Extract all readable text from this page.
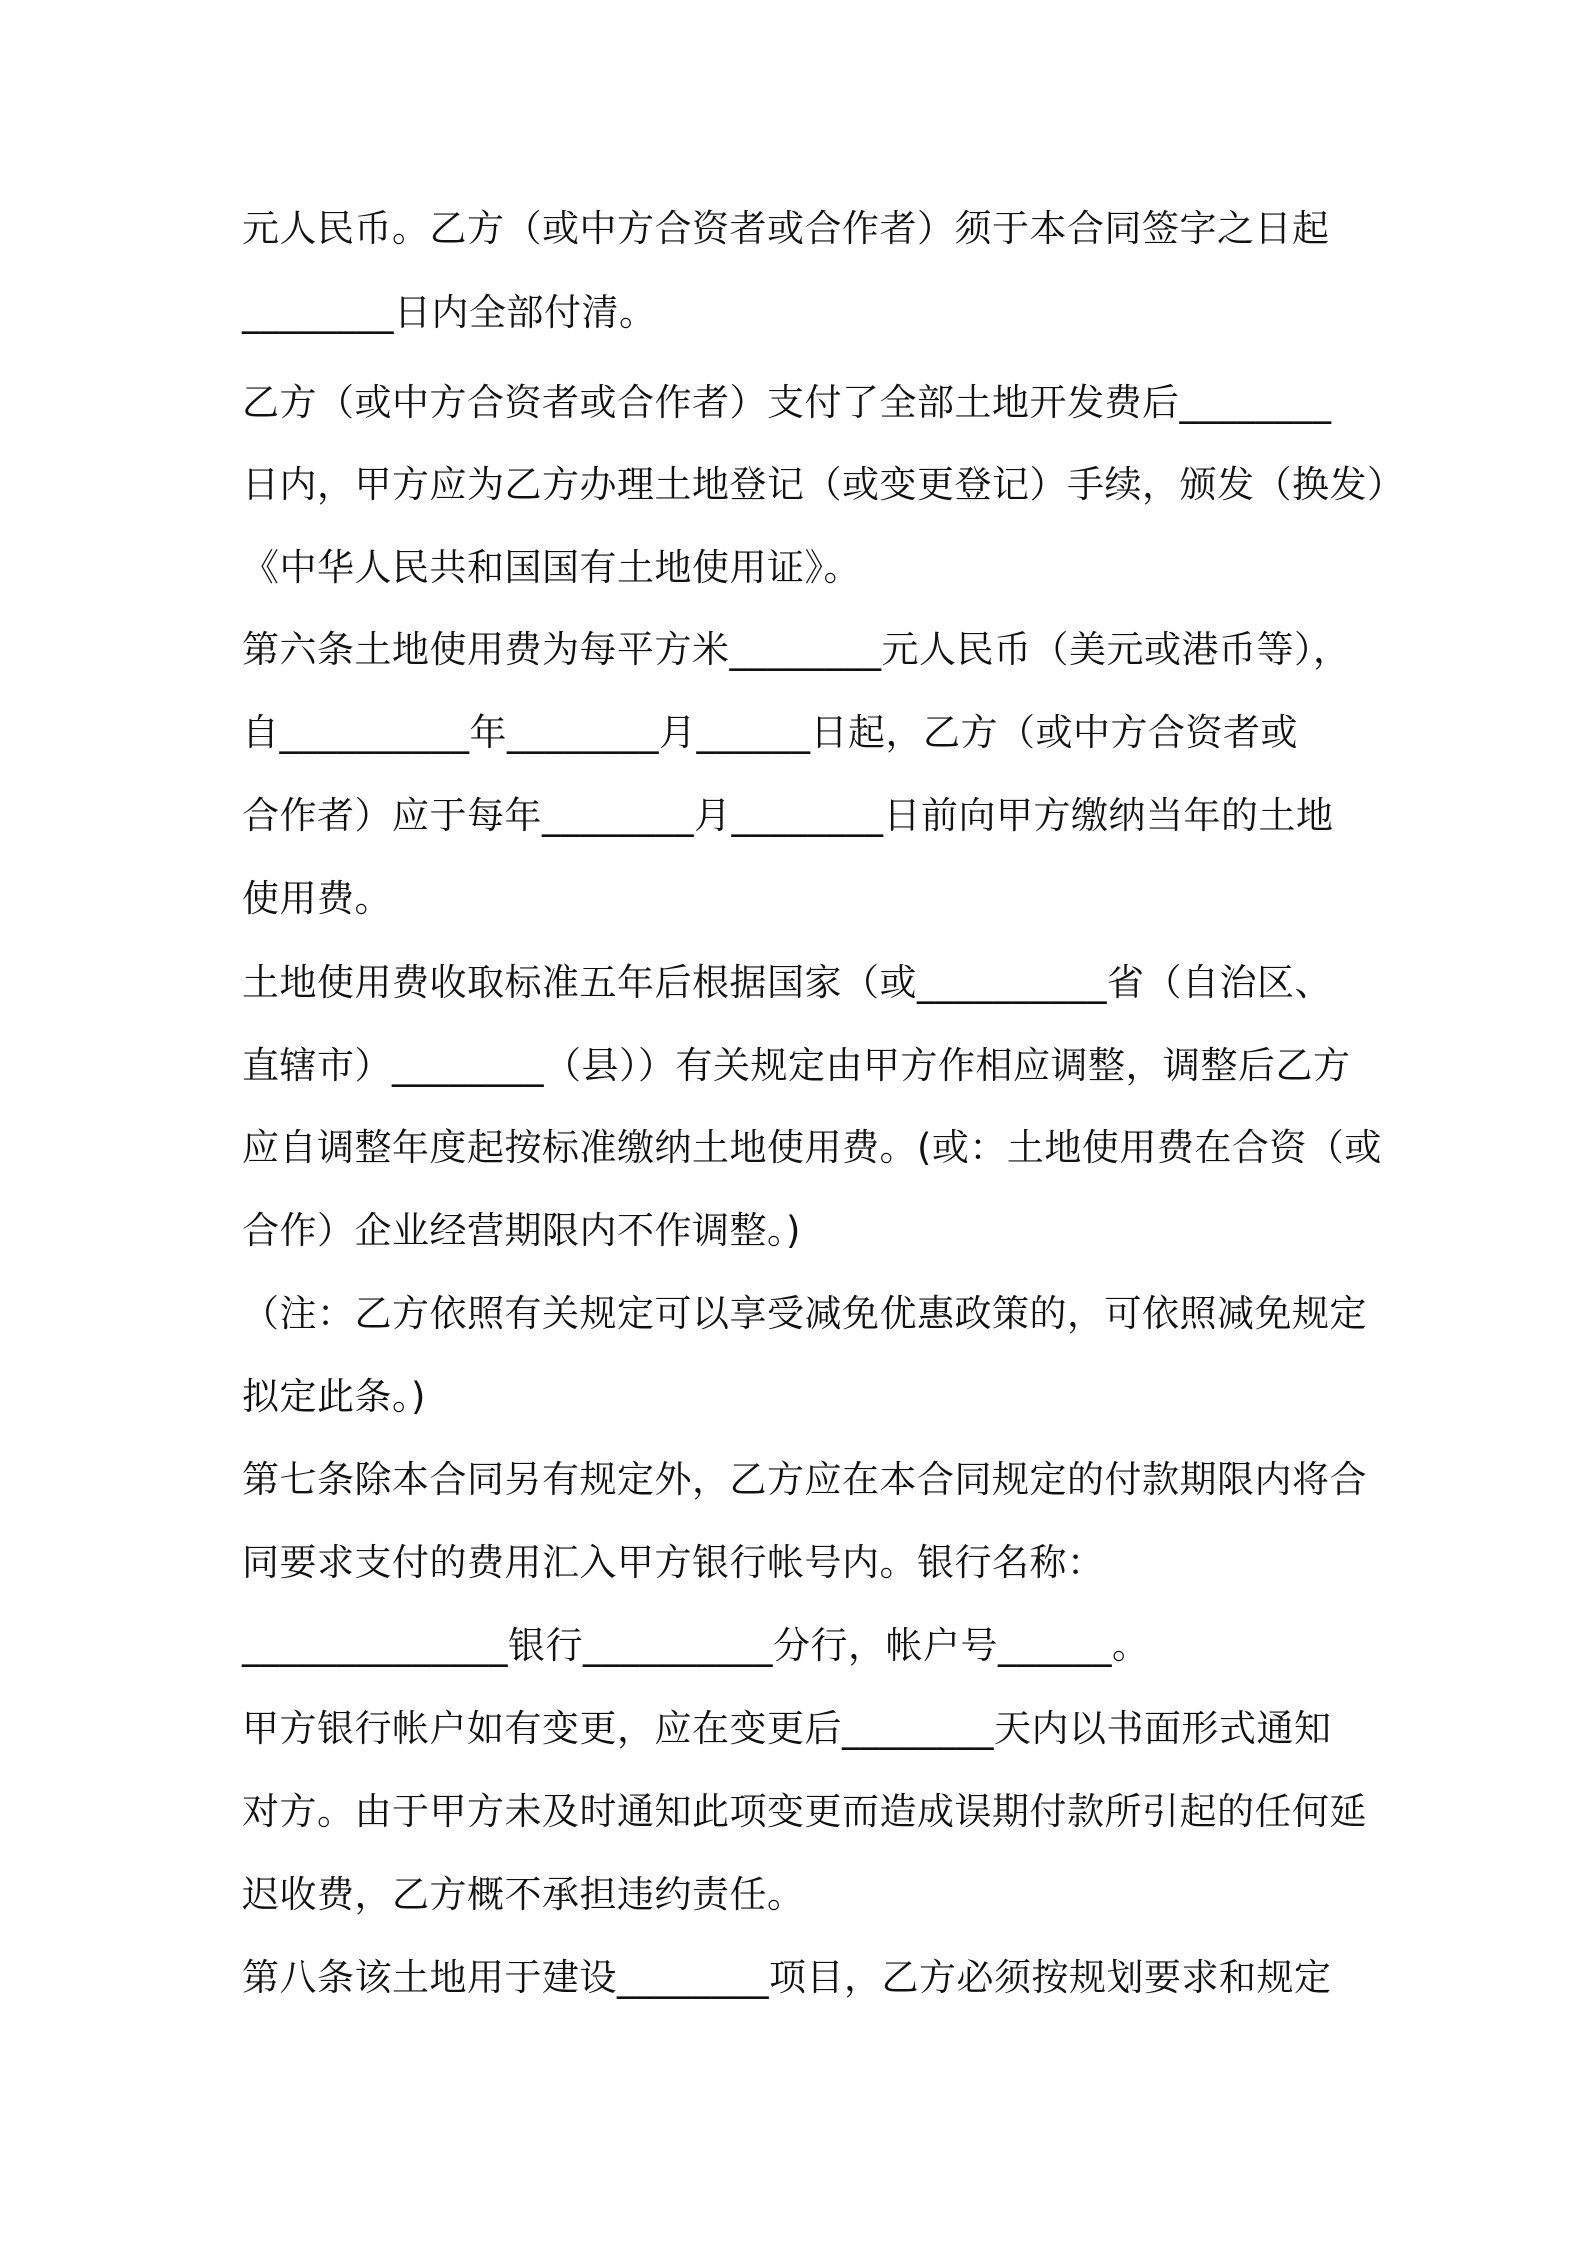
元人民币。乙方（或中方合资者或合作者）须于本合同签字之日起
________日内全部付清。
乙方（或中方合资者或合作者）支付了全部土地开发费后________
日内，甲方应为乙方办理土地登记（或变更登记）手续，颁发（换发）
《中华人民共和国国有土地使用证》。
第六条土地使用费为每平方米________元人民币（美元或港币等），
自__________年________月______日起，乙方（或中方合资者或
合作者）应于每年________月________日前向甲方缴纳当年的土地
使用费。
土地使用费收取标准五年后根据国家（或__________省（自治区、
直辖市）________（县））有关规定由甲方作相应调整，调整后乙方
应自调整年度起按标准缴纳土地使用费。(或：土地使用费在合资（或
合作）企业经营期限内不作调整。)
（注：乙方依照有关规定可以享受减免优惠政策的，可依照减免规定
拟定此条。)
第七条除本合同另有规定外，乙方应在本合同规定的付款期限内将合
同要求支付的费用汇入甲方银行帐号内。银行名称：
______________银行__________分行，帐户号______。
甲方银行帐户如有变更，应在变更后________天内以书面形式通知
对方。由于甲方未及时通知此项变更而造成误期付款所引起的任何延
迟收费，乙方概不承担违约责任。
第八条该土地用于建设________项目，乙方必须按规划要求和规定
